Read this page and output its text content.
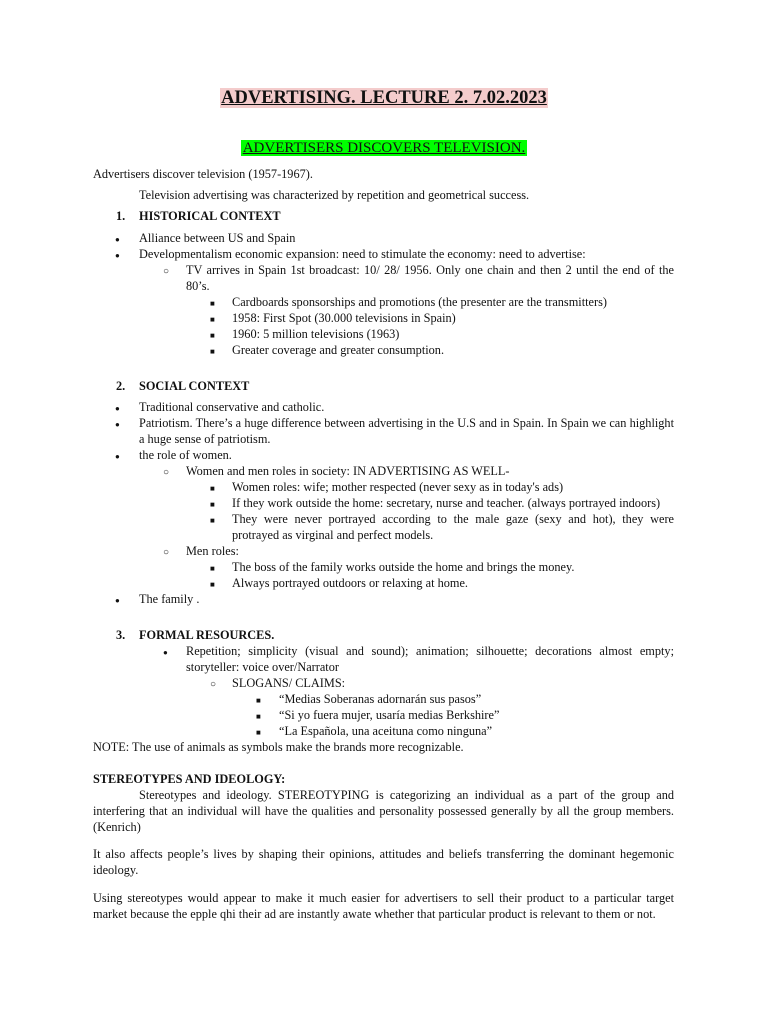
ADVERTISING. LECTURE 2. 7.02.2023
ADVERTISERS DISCOVERS TELEVISION.

Advertisers discover television (1957-1967).

Television advertising was characterized by repetition and geometrical success.

1. HISTORICAL CONTEXT

●
Alliance between US and Spain
●
Developmentalism economic expansion: need to stimulate the economy: need to advertise:
○
TV arrives in Spain 1st broadcast: 10/ 28/ 1956. Only one chain and then 2 until the end of the 80’s.
■
Cardboards sponsorships and promotions (the presenter are the transmitters)
■
1958: First Spot (30.000 televisions in Spain)
■
1960: 5 million televisions (1963)
■
Greater coverage and greater consumption.

2. SOCIAL CONTEXT

●
Traditional conservative and catholic.
●
Patriotism. There’s a huge difference between advertising in the U.S and in Spain. In Spain we can highlight a huge sense of patriotism.
●
the role of women.
○
Women and men roles in society: IN ADVERTISING AS WELL-
■
Women roles: wife; mother respected (never sexy as in today's ads)
■
If they work outside the home: secretary, nurse and teacher. (always portrayed indoors)
■
They were never portrayed according to the male gaze (sexy and hot), they were protrayed as virginal and perfect models.
○
Men roles:
■
The boss of the family works outside the home and brings the money.
■
Always portrayed outdoors or relaxing at home.
●
The family .

3. FORMAL RESOURCES.

●
Repetition; simplicity (visual and sound); animation; silhouette; decorations almost empty; storyteller: voice over/Narrator
○
SLOGANS/ CLAIMS:
■
“Medias Soberanas adornarán sus pasos”
■
“Si yo fuera mujer, usaría medias Berkshire”
■
“La Española, una aceituna como ninguna”

NOTE: The use of animals as symbols make the brands more recognizable.

STEREOTYPES AND IDEOLOGY:

Stereotypes and ideology. STEREOTYPING is categorizing an individual as a part of the group and interfering that an individual will have the qualities and personality possessed generally by all the group members. (Kenrich)

It also affects people’s lives by shaping their opinions, attitudes and beliefs transferring the dominant hegemonic ideology.

Using stereotypes would appear to make it much easier for advertisers to sell their product to a particular target market because the epple qhi their ad are instantly awate whether that particular product is relevant to them or not.
